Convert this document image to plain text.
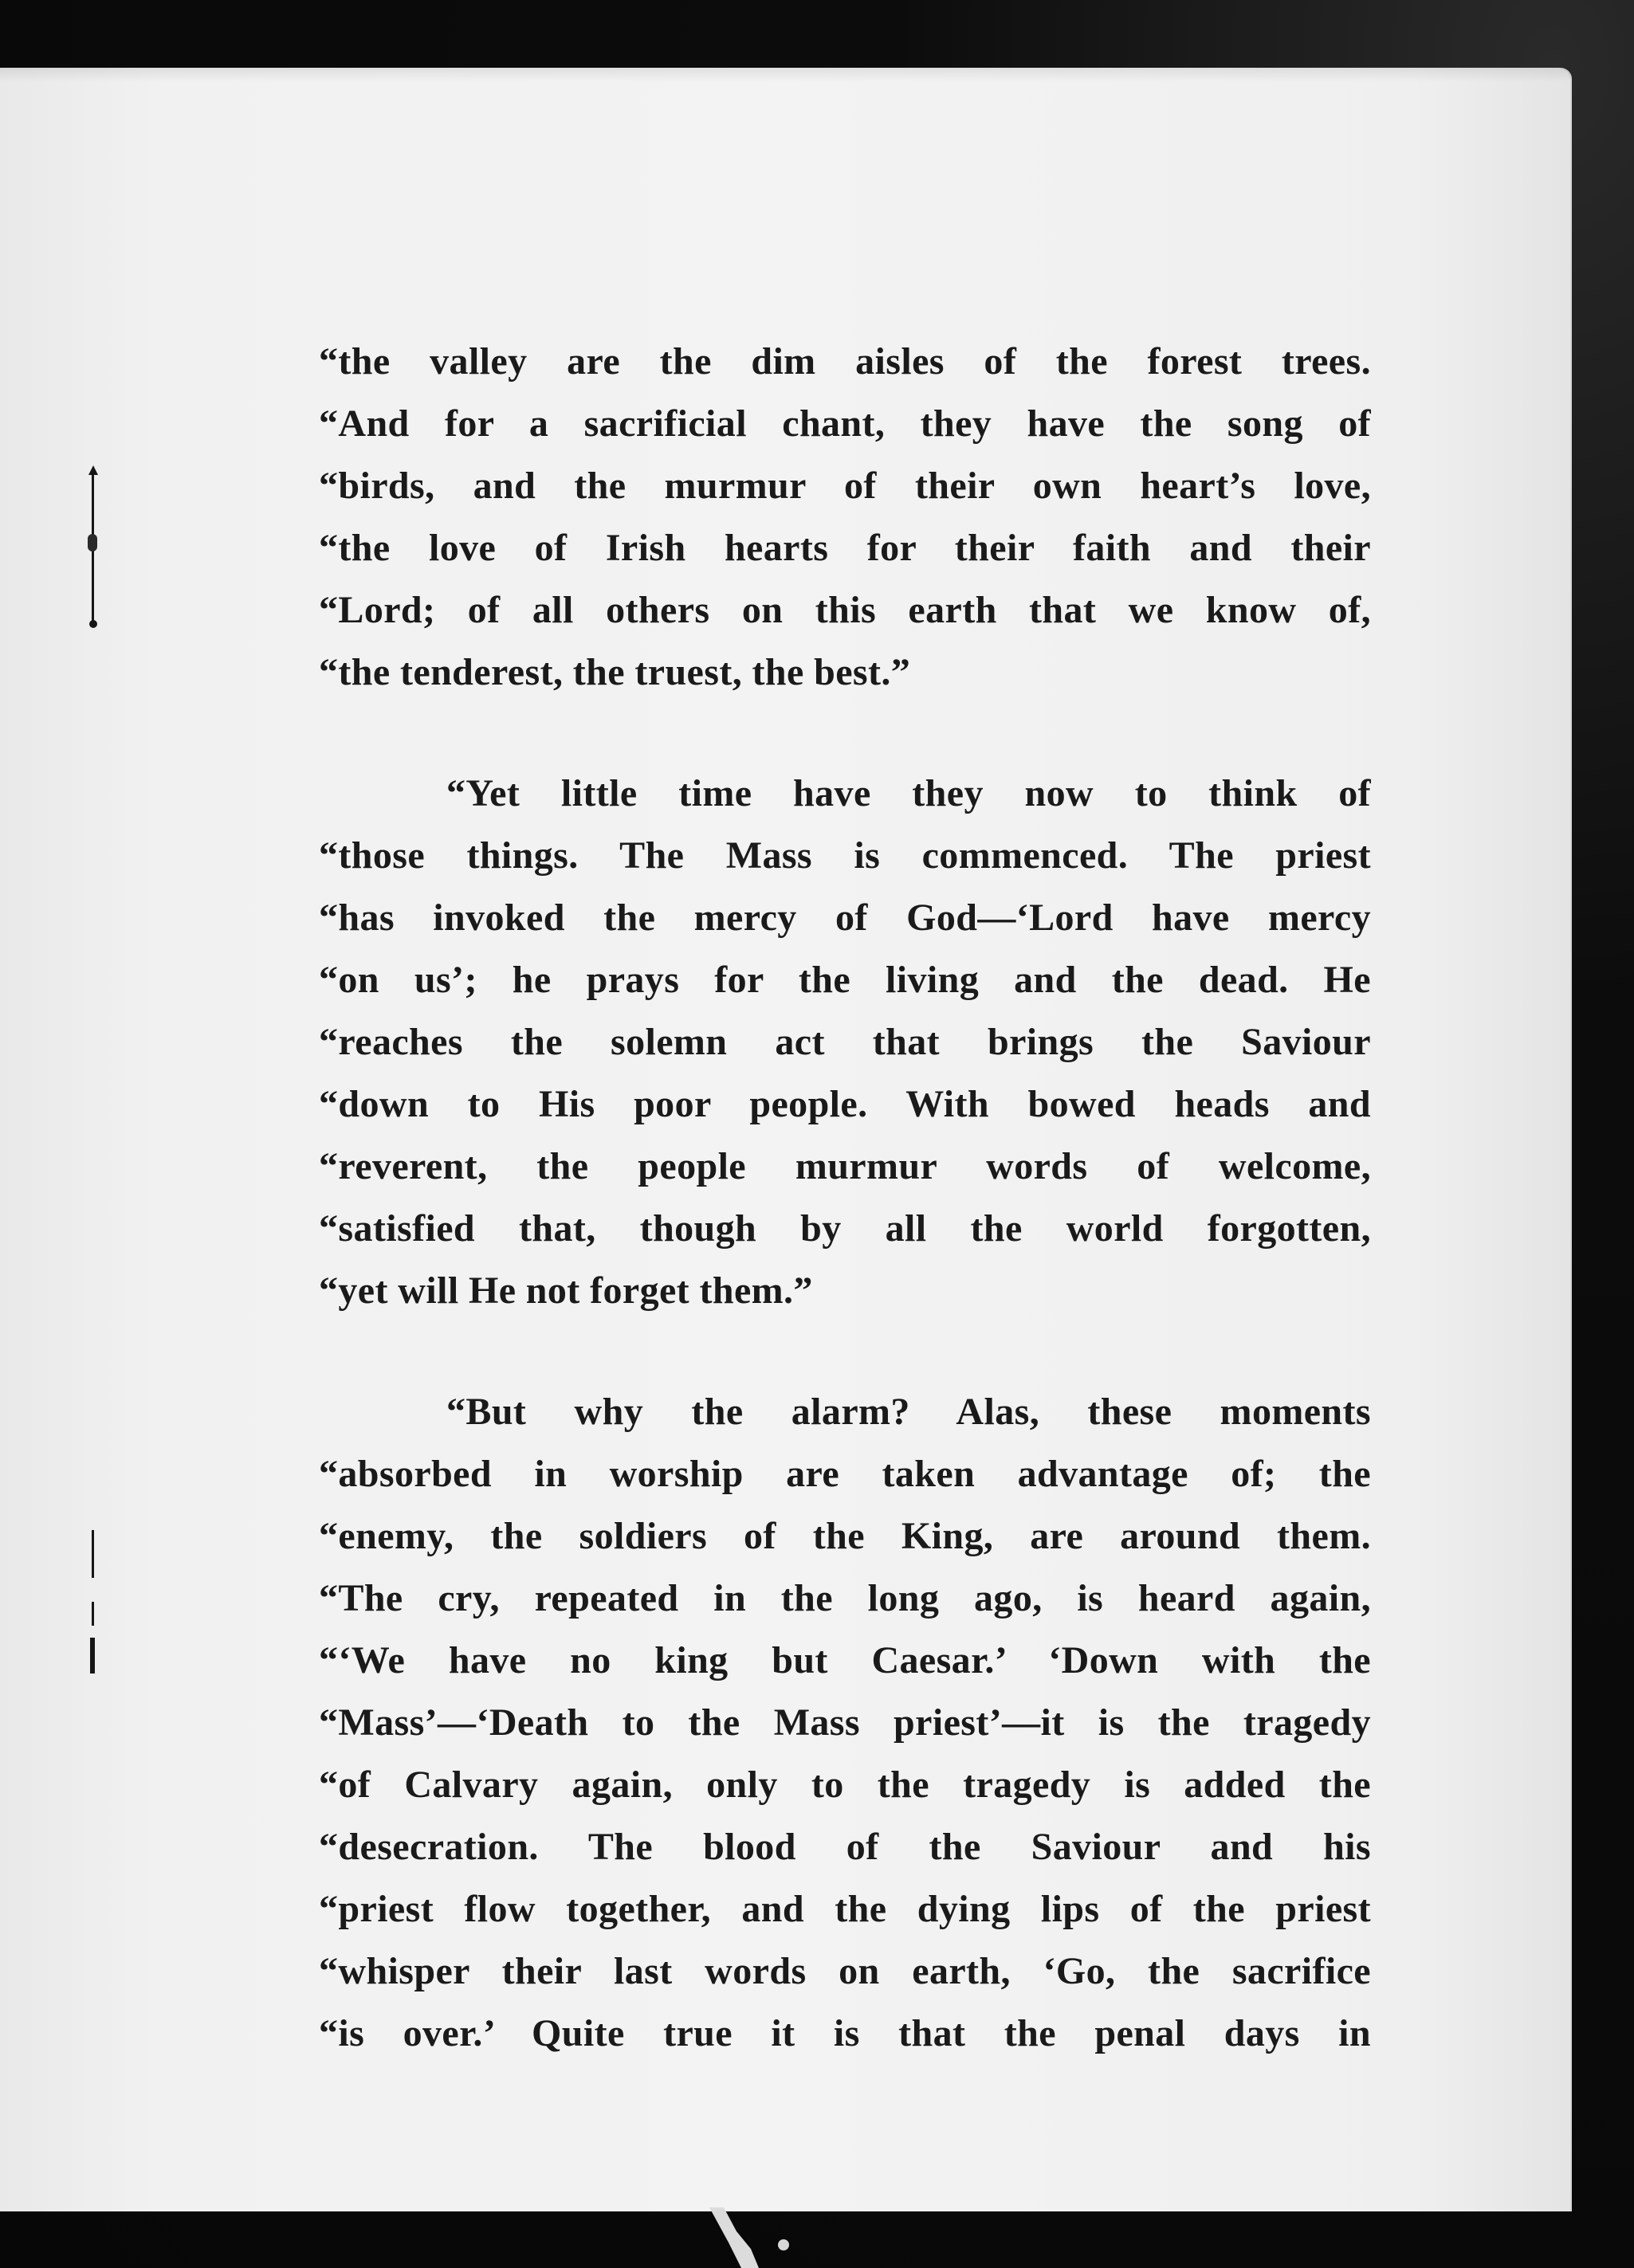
“the valley are the dim aisles of the forest trees.
“And for a sacrificial chant, they have the song of
“birds, and the murmur of their own heart’s love,
“the love of Irish hearts for their faith and their
“Lord; of all others on this earth that we know of,
“the tenderest, the truest, the best.”
“Yet little time have they now to think of
“those things. The Mass is commenced. The priest
“has invoked the mercy of God—‘Lord have mercy
“on us’; he prays for the living and the dead. He
“reaches the solemn act that brings the Saviour
“down to His poor people. With bowed heads and
“reverent, the people murmur words of welcome,
“satisfied that, though by all the world forgotten,
“yet will He not forget them.”
“But why the alarm? Alas, these moments
“absorbed in worship are taken advantage of; the
“enemy, the soldiers of the King, are around them.
“The cry, repeated in the long ago, is heard again,
“‘We have no king but Caesar.’ ‘Down with the
“Mass’—‘Death to the Mass priest’—it is the tragedy
“of Calvary again, only to the tragedy is added the
“desecration. The blood of the Saviour and his
“priest flow together, and the dying lips of the priest
“whisper their last words on earth, ‘Go, the sacrifice
“is over.’ Quite true it is that the penal days in
